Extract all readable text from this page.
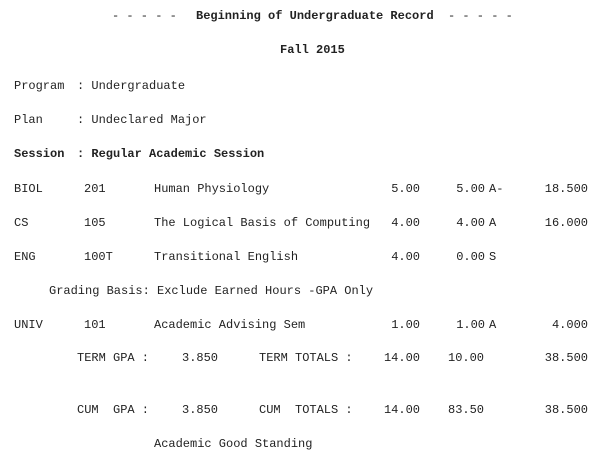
- - - - - Beginning of Undergraduate Record - - - - -
Fall 2015
Program : Undergraduate
Plan	: Undeclared Major
Session : Regular Academic Session
BIOL	201	Human Physiology	5.00	5.00 A-	18.500
CS	105	The Logical Basis of Computing	4.00	4.00 A	16.000
ENG	100T	Transitional English	4.00	0.00 S
Grading Basis: Exclude Earned Hours -GPA Only
UNIV	101	Academic Advising Sem	1.00	1.00 A	4.000
TERM GPA :	3.850	TERM TOTALS :	14.00 10.00	38.500
CUM  GPA :	3.850	CUM  TOTALS :	14.00 83.50	38.500
Academic Good Standing
